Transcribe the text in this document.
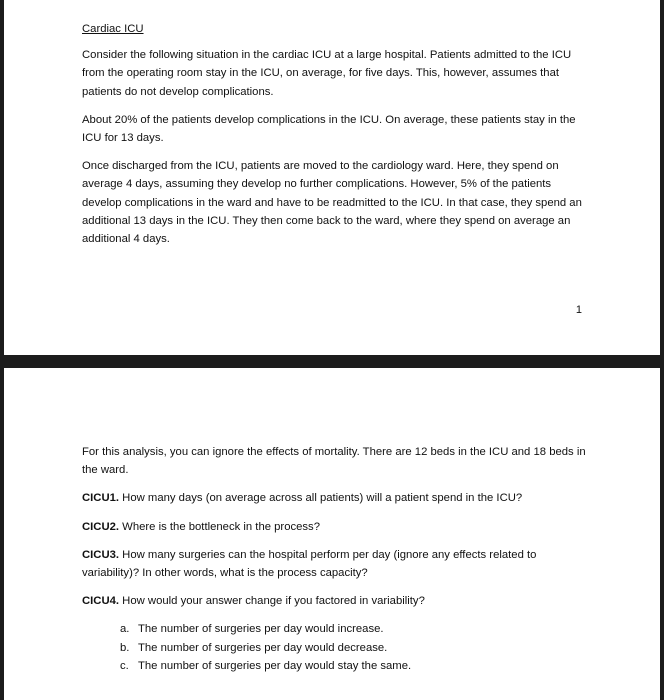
Cardiac ICU

Consider the following situation in the cardiac ICU at a large hospital. Patients admitted to the ICU from the operating room stay in the ICU, on average, for five days. This, however, assumes that patients do not develop complications.

About 20% of the patients develop complications in the ICU. On average, these patients stay in the ICU for 13 days.

Once discharged from the ICU, patients are moved to the cardiology ward. Here, they spend on average 4 days, assuming they develop no further complications. However, 5% of the patients develop complications in the ward and have to be readmitted to the ICU. In that case, they spend an additional 13 days in the ICU. They then come back to the ward, where they spend on average an additional 4 days.

1

For this analysis, you can ignore the effects of mortality. There are 12 beds in the ICU and 18 beds in the ward.

CICU1. How many days (on average across all patients) will a patient spend in the ICU?

CICU2. Where is the bottleneck in the process?

CICU3. How many surgeries can the hospital perform per day (ignore any effects related to variability)? In other words, what is the process capacity?

CICU4. How would your answer change if you factored in variability?

a. The number of surgeries per day would increase.
b. The number of surgeries per day would decrease.
c. The number of surgeries per day would stay the same.
